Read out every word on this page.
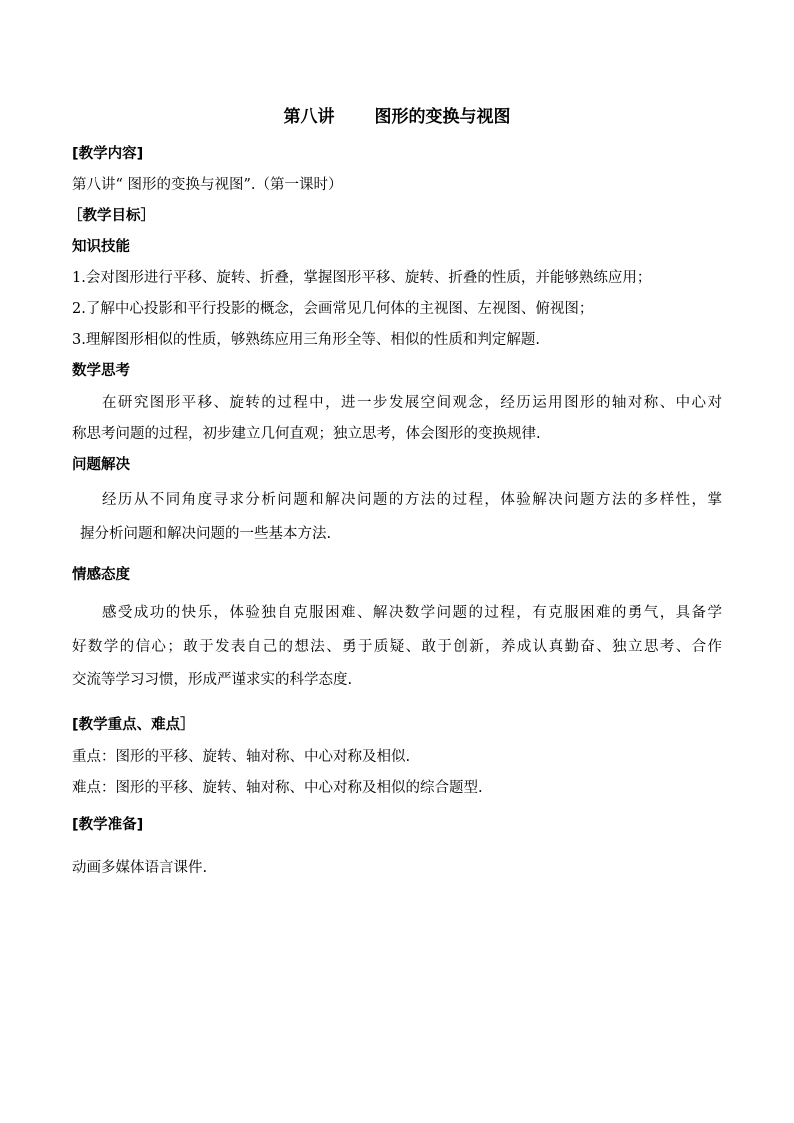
第八讲 图形的变换与视图
[教学内容]
第八讲“ 图形的变换与视图”.（第一课时）
［教学目标］
知识技能
1.会对图形进行平移、旋转、折叠，掌握图形平移、旋转、折叠的性质，并能够熟练应用；
2.了解中心投影和平行投影的概念，会画常见几何体的主视图、左视图、俯视图；
3.理解图形相似的性质，够熟练应用三角形全等、相似的性质和判定解题.
数学思考
在研究图形平移、旋转的过程中，进一步发展空间观念，经历运用图形的轴对称、中心对
称思考问题的过程，初步建立几何直观；独立思考，体会图形的变换规律.
问题解决
经历从不同角度寻求分析问题和解决问题的方法的过程，体验解决问题方法的多样性，掌
握分析问题和解决问题的一些基本方法.
情感态度
感受成功的快乐，体验独自克服困难、解决数学问题的过程，有克服困难的勇气，具备学
好数学的信心；敢于发表自己的想法、勇于质疑、敢于创新，养成认真勤奋、独立思考、合作
交流等学习习惯，形成严谨求实的科学态度.
[教学重点、难点］
重点：图形的平移、旋转、轴对称、中心对称及相似.
难点：图形的平移、旋转、轴对称、中心对称及相似的综合题型.
[教学准备]
动画多媒体语言课件.
